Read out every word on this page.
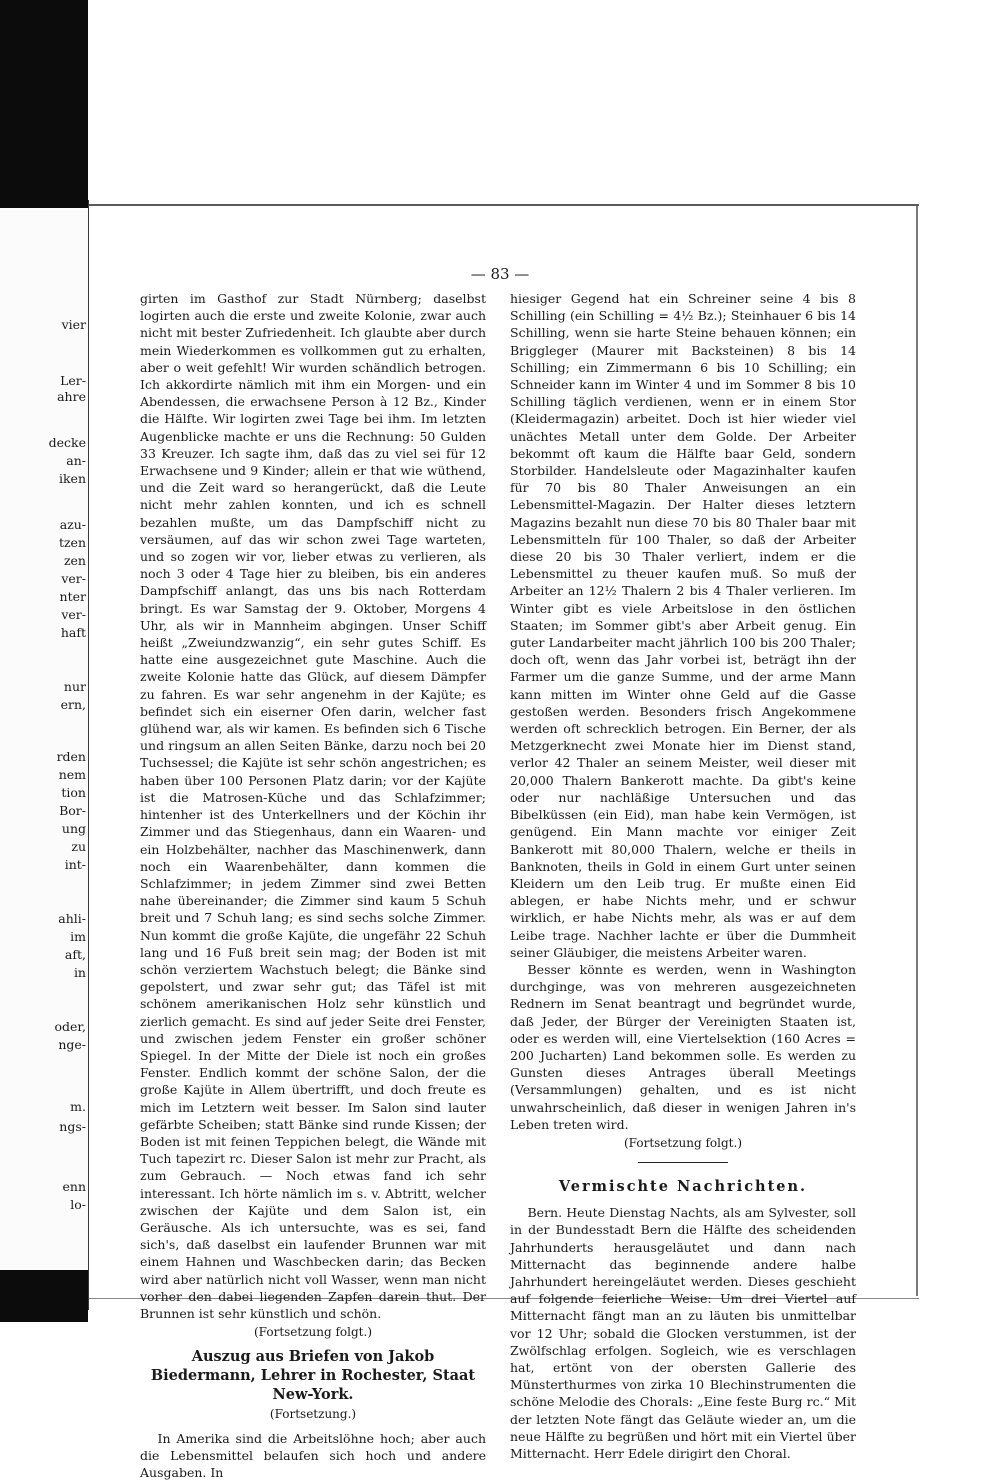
vier
Ler-
ahre
decke
an-
iken
azu-
tzen
zen
ver-
nter
ver-
haft
nur
ern,
rden
nem
tion
Bor-
ung
zu
int-
ahli-
im
aft,
in
oder,
nge-
m.
ngs-
enn
lo-
— 83 —

girten im Gasthof zur Stadt Nürnberg; daselbst logirten auch die erste und zweite Kolonie, zwar auch nicht mit bester Zufriedenheit. Ich glaubte aber durch mein Wiederkommen es vollkommen gut zu erhalten, aber o weit gefehlt! Wir wurden schändlich betrogen. Ich akkordirte nämlich mit ihm ein Morgen- und ein Abendessen, die erwachsene Person à 12 Bz., Kinder die Hälfte. Wir logirten zwei Tage bei ihm. Im letzten Augenblicke machte er uns die Rechnung: 50 Gulden 33 Kreuzer. Ich sagte ihm, daß das zu viel sei für 12 Erwachsene und 9 Kinder; allein er that wie wüthend, und die Zeit ward so herangerückt, daß die Leute nicht mehr zahlen konnten, und ich es schnell bezahlen mußte, um das Dampfschiff nicht zu versäumen, auf das wir schon zwei Tage warteten, und so zogen wir vor, lieber etwas zu verlieren, als noch 3 oder 4 Tage hier zu bleiben, bis ein anderes Dampfschiff anlangt, das uns bis nach Rotterdam bringt. Es war Samstag der 9. Oktober, Morgens 4 Uhr, als wir in Mannheim abgingen. Unser Schiff heißt „Zweiundzwanzig“, ein sehr gutes Schiff. Es hatte eine ausgezeichnet gute Maschine. Auch die zweite Kolonie hatte das Glück, auf diesem Dämpfer zu fahren. Es war sehr angenehm in der Kajüte; es befindet sich ein eiserner Ofen darin, welcher fast glühend war, als wir kamen. Es befinden sich 6 Tische und ringsum an allen Seiten Bänke, darzu noch bei 20 Tuchsessel; die Kajüte ist sehr schön angestrichen; es haben über 100 Personen Platz darin; vor der Kajüte ist die Matrosen-Küche und das Schlafzimmer; hintenher ist des Unterkellners und der Köchin ihr Zimmer und das Stiegenhaus, dann ein Waaren- und ein Holzbehälter, nachher das Maschinenwerk, dann noch ein Waarenbehälter, dann kommen die Schlafzimmer; in jedem Zimmer sind zwei Betten nahe übereinander; die Zimmer sind kaum 5 Schuh breit und 7 Schuh lang; es sind sechs solche Zimmer. Nun kommt die große Kajüte, die ungefähr 22 Schuh lang und 16 Fuß breit sein mag; der Boden ist mit schön verziertem Wachstuch belegt; die Bänke sind gepolstert, und zwar sehr gut; das Täfel ist mit schönem amerikanischen Holz sehr künstlich und zierlich gemacht. Es sind auf jeder Seite drei Fenster, und zwischen jedem Fenster ein großer schöner Spiegel. In der Mitte der Diele ist noch ein großes Fenster. Endlich kommt der schöne Salon, der die große Kajüte in Allem übertrifft, und doch freute es mich im Letztern weit besser. Im Salon sind lauter gefärbte Scheiben; statt Bänke sind runde Kissen; der Boden ist mit feinen Teppichen belegt, die Wände mit Tuch tapezirt rc. Dieser Salon ist mehr zur Pracht, als zum Gebrauch. — Noch etwas fand ich sehr interessant. Ich hörte nämlich im s. v. Abtritt, welcher zwischen der Kajüte und dem Salon ist, ein Geräusche. Als ich untersuchte, was es sei, fand sich's, daß daselbst ein laufender Brunnen war mit einem Hahnen und Waschbecken darin; das Becken wird aber natürlich nicht voll Wasser, wenn man nicht vorher den dabei liegenden Zapfen darein thut. Der Brunnen ist sehr künstlich und schön.

(Fortsetzung folgt.)
Auszug aus Briefen von Jakob Biedermann, Lehrer in Rochester, Staat New-York.
(Fortsetzung.)

In Amerika sind die Arbeitslöhne hoch; aber auch die Lebensmittel belaufen sich hoch und andere Ausgaben. In

hiesiger Gegend hat ein Schreiner seine 4 bis 8 Schilling (ein Schilling = 4½ Bz.); Steinhauer 6 bis 14 Schilling, wenn sie harte Steine behauen können; ein Briggleger (Maurer mit Backsteinen) 8 bis 14 Schilling; ein Zimmermann 6 bis 10 Schilling; ein Schneider kann im Winter 4 und im Sommer 8 bis 10 Schilling täglich verdienen, wenn er in einem Stor (Kleidermagazin) arbeitet. Doch ist hier wieder viel unächtes Metall unter dem Golde. Der Arbeiter bekommt oft kaum die Hälfte baar Geld, sondern Storbilder. Handelsleute oder Magazinhalter kaufen für 70 bis 80 Thaler Anweisungen an ein Lebensmittel-Magazin. Der Halter dieses letztern Magazins bezahlt nun diese 70 bis 80 Thaler baar mit Lebensmitteln für 100 Thaler, so daß der Arbeiter diese 20 bis 30 Thaler verliert, indem er die Lebensmittel zu theuer kaufen muß. So muß der Arbeiter an 12½ Thalern 2 bis 4 Thaler verlieren. Im Winter gibt es viele Arbeitslose in den östlichen Staaten; im Sommer gibt's aber Arbeit genug. Ein guter Landarbeiter macht jährlich 100 bis 200 Thaler; doch oft, wenn das Jahr vorbei ist, beträgt ihn der Farmer um die ganze Summe, und der arme Mann kann mitten im Winter ohne Geld auf die Gasse gestoßen werden. Besonders frisch Angekommene werden oft schrecklich betrogen. Ein Berner, der als Metzgerknecht zwei Monate hier im Dienst stand, verlor 42 Thaler an seinem Meister, weil dieser mit 20,000 Thalern Bankerott machte. Da gibt's keine oder nur nachläßige Untersuchen und das Bibelküssen (ein Eid), man habe kein Vermögen, ist genügend. Ein Mann machte vor einiger Zeit Bankerott mit 80,000 Thalern, welche er theils in Banknoten, theils in Gold in einem Gurt unter seinen Kleidern um den Leib trug. Er mußte einen Eid ablegen, er habe Nichts mehr, und er schwur wirklich, er habe Nichts mehr, als was er auf dem Leibe trage. Nachher lachte er über die Dummheit seiner Gläubiger, die meistens Arbeiter waren.

Besser könnte es werden, wenn in Washington durchginge, was von mehreren ausgezeichneten Rednern im Senat beantragt und begründet wurde, daß Jeder, der Bürger der Vereinigten Staaten ist, oder es werden will, eine Viertelsektion (160 Acres = 200 Jucharten) Land bekommen solle. Es werden zu Gunsten dieses Antrages überall Meetings (Versammlungen) gehalten, und es ist nicht unwahrscheinlich, daß dieser in wenigen Jahren in's Leben treten wird.

(Fortsetzung folgt.)
Vermischte Nachrichten.

Bern. Heute Dienstag Nachts, als am Sylvester, soll in der Bundesstadt Bern die Hälfte des scheidenden Jahrhunderts herausgeläutet und dann nach Mitternacht das beginnende andere halbe Jahrhundert hereingeläutet werden. Dieses geschieht auf folgende feierliche Weise: Um drei Viertel auf Mitternacht fängt man an zu läuten bis unmittelbar vor 12 Uhr; sobald die Glocken verstummen, ist der Zwölfschlag erfolgen. Sogleich, wie es verschlagen hat, ertönt von der obersten Gallerie des Münsterthurmes von zirka 10 Blechinstrumenten die schöne Melodie des Chorals: „Eine feste Burg rc.“ Mit der letzten Note fängt das Geläute wieder an, um die neue Hälfte zu begrüßen und hört mit ein Viertel über Mitternacht. Herr Edele dirigirt den Choral.
